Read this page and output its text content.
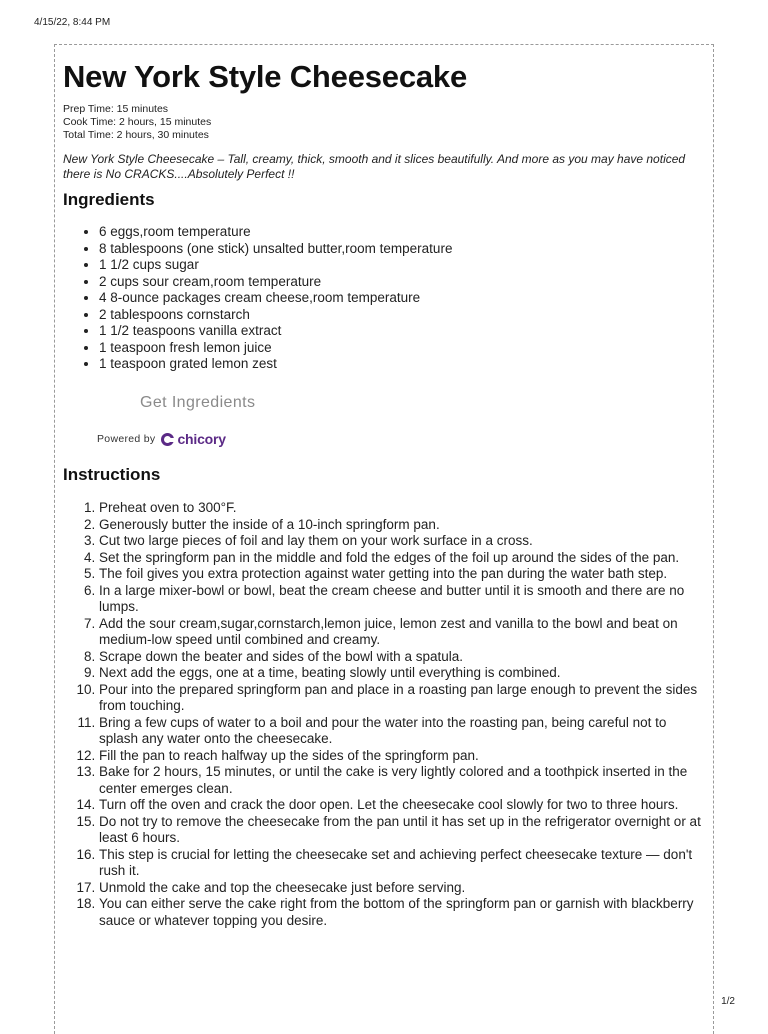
4/15/22, 8:44 PM
New York Style Cheesecake
Prep Time: 15 minutes
Cook Time: 2 hours, 15 minutes
Total Time: 2 hours, 30 minutes
New York Style Cheesecake – Tall, creamy, thick, smooth and it slices beautifully. And more as you may have noticed there is No CRACKS....Absolutely Perfect !!
Ingredients
• 6 eggs,room temperature
• 8 tablespoons (one stick) unsalted butter,room temperature
• 1 1/2 cups sugar
• 2 cups sour cream,room temperature
• 4 8-ounce packages cream cheese,room temperature
• 2 tablespoons cornstarch
• 1 1/2 teaspoons vanilla extract
• 1 teaspoon fresh lemon juice
• 1 teaspoon grated lemon zest
Get Ingredients
Powered by chicory
Instructions
1. Preheat oven to 300°F.
2. Generously butter the inside of a 10-inch springform pan.
3. Cut two large pieces of foil and lay them on your work surface in a cross.
4. Set the springform pan in the middle and fold the edges of the foil up around the sides of the pan.
5. The foil gives you extra protection against water getting into the pan during the water bath step.
6. In a large mixer-bowl or bowl, beat the cream cheese and butter until it is smooth and there are no lumps.
7. Add the sour cream,sugar,cornstarch,lemon juice, lemon zest and vanilla to the bowl and beat on medium-low speed until combined and creamy.
8. Scrape down the beater and sides of the bowl with a spatula.
9. Next add the eggs, one at a time, beating slowly until everything is combined.
10. Pour into the prepared springform pan and place in a roasting pan large enough to prevent the sides from touching.
11. Bring a few cups of water to a boil and pour the water into the roasting pan, being careful not to splash any water onto the cheesecake.
12. Fill the pan to reach halfway up the sides of the springform pan.
13. Bake for 2 hours, 15 minutes, or until the cake is very lightly colored and a toothpick inserted in the center emerges clean.
14. Turn off the oven and crack the door open. Let the cheesecake cool slowly for two to three hours.
15. Do not try to remove the cheesecake from the pan until it has set up in the refrigerator overnight or at least 6 hours.
16. This step is crucial for letting the cheesecake set and achieving perfect cheesecake texture — don't rush it.
17. Unmold the cake and top the cheesecake just before serving.
18. You can either serve the cake right from the bottom of the springform pan or garnish with blackberry sauce or whatever topping you desire.
1/2
